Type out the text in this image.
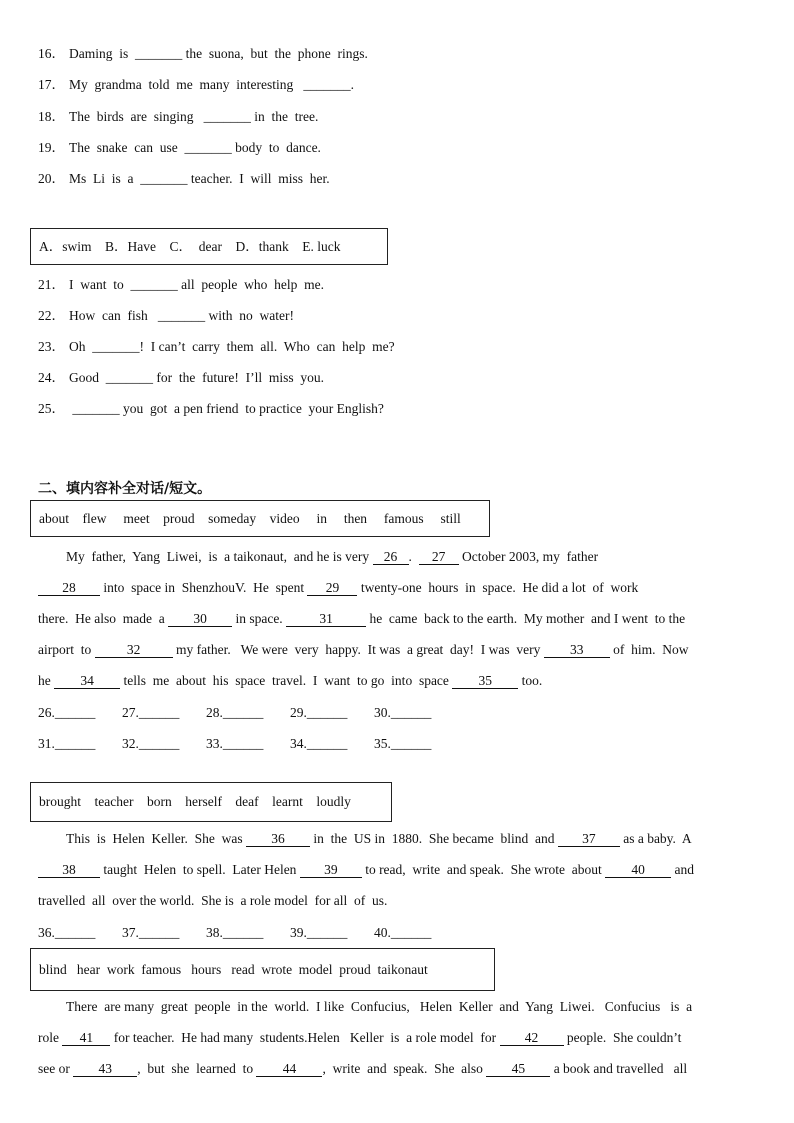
16． Daming  is  _______ the  suona,  but  the  phone  rings.
17． My  grandma  told  me  many  interesting   _______.
18． The  birds  are  singing   _______ in  the  tree.
19． The  snake  can  use  _______ body  to  dance.
20． Ms  Li  is  a  _______ teacher.  I  will  miss  her.
A．swim    B．Have    C．  dear    D．thank    E. luck
21． I  want  to  _______ all  people  who  help  me.
22． How  can  fish   _______ with  no  water!
23． Oh  _______!  I can’t  carry  them  all.  Who  can  help  me?
24． Good  _______ for  the  future!  I’ll  miss  you.
25． _______ you  got  a pen friend  to practice  your English?
二、填内容补全对话/短文。
about    flew     meet    proud    someday    video     in     then     famous     still
My  father,  Yang  Liwei,  is  a taikonaut,  and he is very 26 .  27 October 2003, my  father
28 into  space in  ShenzhouV.  He  spent 29 twenty-one  hours  in  space.  He did a lot  of  work
there.  He also  made  a 30 in space. 31 he  came  back to the earth.  My mother  and I went  to the
airport  to 32 my father.   We were  very  happy.  It was  a great  day!  I was  very 33 of  him.  Now
he 34 tells  me  about  his  space  travel.  I  want  to go  into  space 35 too.
26.______ 27.______ 28.______ 29.______ 30.______
31.______ 32.______ 33.______ 34.______ 35.______
brought    teacher    born    herself    deaf    learnt    loudly
This  is  Helen  Keller.  She  was 36 in  the  US in  1880.  She became  blind  and 37 as a baby.  A
38 taught  Helen  to spell.  Later Helen 39 to read,  write  and speak.  She wrote  about 40 and
travelled  all  over the world.  She is  a role model  for all  of  us.
36.______ 37.______ 38.______ 39.______ 40.______
blind   hear  work  famous   hours   read  wrote  model  proud  taikonaut
There  are many  great  people  in the  world.  I like  Confucius,   Helen  Keller  and  Yang  Liwei.   Confucius   is  a
role 41 for teacher.  He had many  students.Helen   Keller  is  a role model  for 42 people.  She couldn’t
see or 43 ,  but  she  learned  to 44 ,  write  and  speak.  She  also 45 a book and travelled   all
